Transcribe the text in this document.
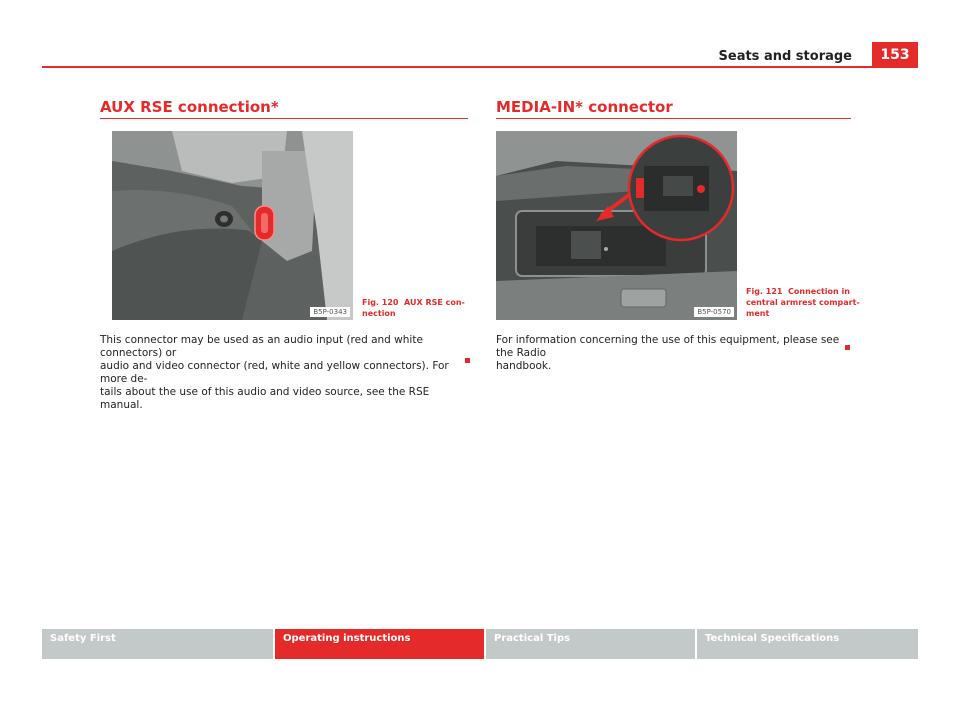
Seats and storage	153
AUX RSE connection*
B5P-0343
Fig. 120 AUX RSE con-
nection
This connector may be used as an audio input (red and white connectors) or
audio and video connector (red, white and yellow connectors). For more de-
tails about the use of this audio and video source, see the RSE manual.
MEDIA-IN* connector
B5P-0570
Fig. 121 Connection in
central armrest compart-
ment
For information concerning the use of this equipment, please see the Radio
handbook.
Safety First	Operating instructions	Practical Tips	Technical Specifications
